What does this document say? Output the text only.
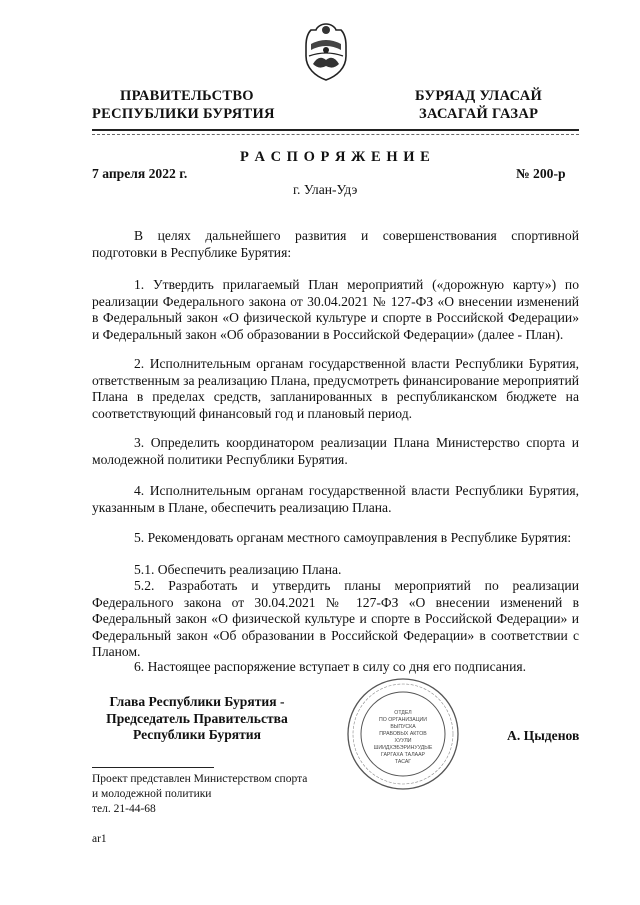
ПРАВИТЕЛЬСТВО
РЕСПУБЛИКИ БУРЯТИЯ
БУРЯАД УЛАСАЙ
ЗАСАГАЙ ГАЗАР
Р А С П О Р Я Ж Е Н И Е
7 апреля 2022 г.	№ 200-р
г. Улан-Удэ
В целях дальнейшего развития и совершенствования спортивной подготовки в Республике Бурятия:
1. Утвердить прилагаемый План мероприятий («дорожную карту») по реализации Федерального закона от 30.04.2021 № 127-ФЗ «О внесении изменений в Федеральный закон «О физической культуре и спорте в Российской Федерации» и Федеральный закон «Об образовании в Российской Федерации» (далее - План).
2. Исполнительным органам государственной власти Республики Бурятия, ответственным за реализацию Плана, предусмотреть финансирование мероприятий Плана в пределах средств, запланированных в республиканском бюджете на соответствующий финансовый год и плановый период.
3. Определить координатором реализации Плана Министерство спорта и молодежной политики Республики Бурятия.
4. Исполнительным органам государственной власти Республики Бурятия, указанным в Плане, обеспечить реализацию Плана.
5. Рекомендовать органам местного самоуправления в Республике Бурятия:
5.1. Обеспечить реализацию Плана.
5.2. Разработать и утвердить планы мероприятий по реализации Федерального закона от 30.04.2021 № 127-ФЗ «О внесении изменений в Федеральный закон «О физической культуре и спорте в Российской Федерации» и Федеральный закон «Об образовании в Российской Федерации» в соответствии с Планом.
6. Настоящее распоряжение вступает в силу со дня его подписания.
Глава Республики Бурятия -
Председатель Правительства
Республики Бурятия	А. Цыденов
ОТДЕЛ
ПО ОРГАНИЗАЦИИ
ВЫПУСКА
ПРАВОВЫХ АКТОВ
ХУУЛИ
ШИИДХЭБЭРИНУУДЫЕ
ГАРГАХА ТАЛААР
ТАСАГ
Проект представлен Министерством спорта
и молодежной политики
тел. 21-44-68
ar1
